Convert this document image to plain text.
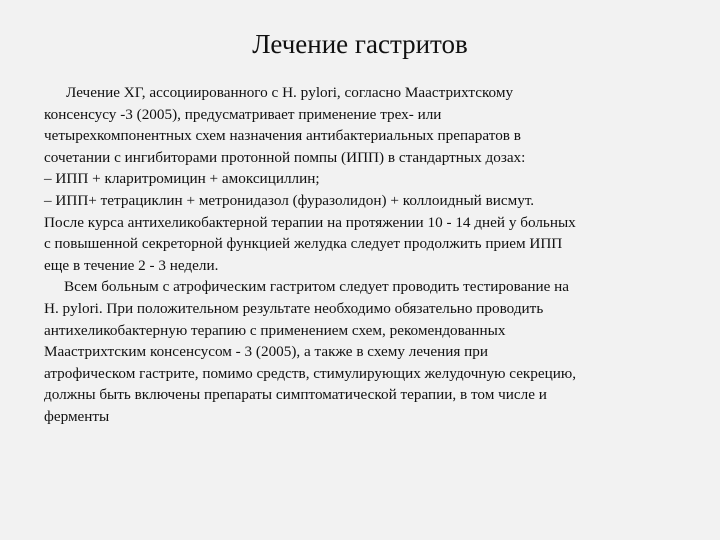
Лечение гастритов
Лечение ХГ, ассоциированного с H. pylori, согласно Маастрихтскому
консенсусу -3 (2005), предусматривает применение трех- или
четырехкомпонентных схем назначения антибактериальных препаратов в
сочетании с ингибиторами протонной помпы (ИПП) в стандартных дозах:
– ИПП + кларитромицин + амоксициллин;
– ИПП+ тетрациклин + метронидазол (фуразолидон) + коллоидный висмут.
После курса антихеликобактерной терапии на протяжении 10 - 14 дней у больных
с повышенной секреторной функцией желудка следует продолжить прием ИПП
еще в течение 2 - 3 недели.
Всем больным с атрофическим гастритом следует проводить тестирование на
H. pylori. При положительном результате необходимо обязательно проводить
антихеликобактерную терапию с применением схем, рекомендованных
Маастрихтским консенсусом - 3 (2005), а также в схему лечения при
атрофическом гастрите, помимо средств, стимулирующих желудочную секрецию,
должны быть включены препараты симптоматической терапии, в том числе и
ферменты
